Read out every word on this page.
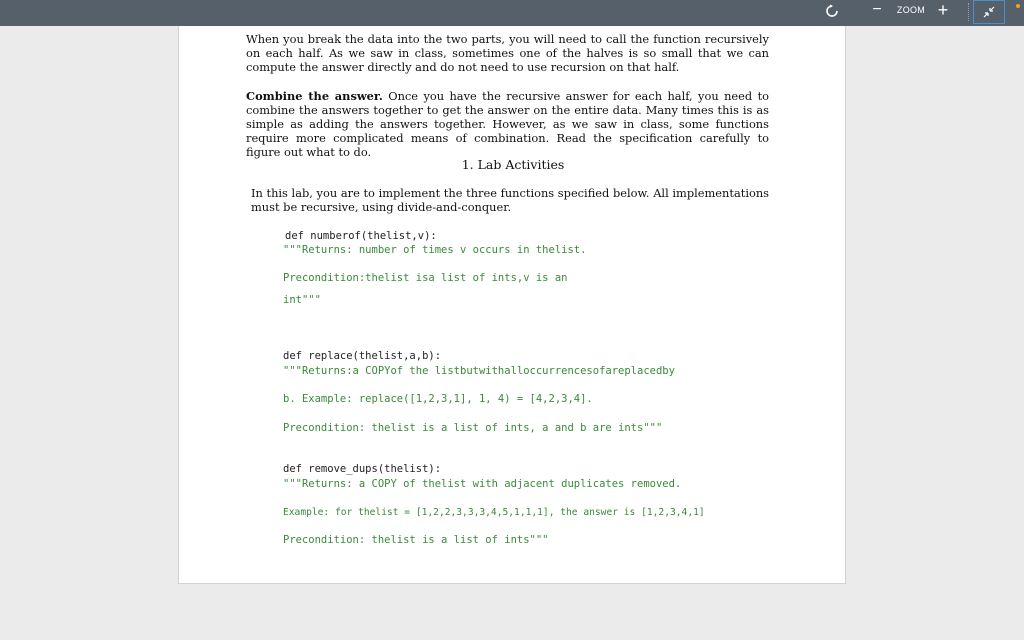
−	ZOOM +

When you break the data into the two parts, you will need to call the function recursively on each half. As we saw in class, sometimes one of the halves is so small that we can compute the answer directly and do not need to use recursion on that half.

Combine the answer. Once you have the recursive answer for each half, you need to combine the answers together to get the answer on the entire data. Many times this is as simple as adding the answers together. However, as we saw in class, some functions require more complicated means of combination. Read the specification carefully to figure out what to do.

1. Lab Activities

In this lab, you are to implement the three functions specified below. All implementations must be recursive, using divide-and-conquer.

def numberof(thelist,v):
"""Returns: number of times v occurs in thelist.
Precondition:thelist isa list of ints,v is an
int"""
def replace(thelist,a,b):
"""Returns:a COPYof the listbutwithalloccurrencesofareplacedby
b. Example: replace([1,2,3,1], 1, 4) = [4,2,3,4].
Precondition: thelist is a list of ints, a and b are ints"""
def remove_dups(thelist):
"""Returns: a COPY of thelist with adjacent duplicates removed.
Example: for thelist = [1,2,2,3,3,3,4,5,1,1,1], the answer is [1,2,3,4,1]
Precondition: thelist is a list of ints"""
